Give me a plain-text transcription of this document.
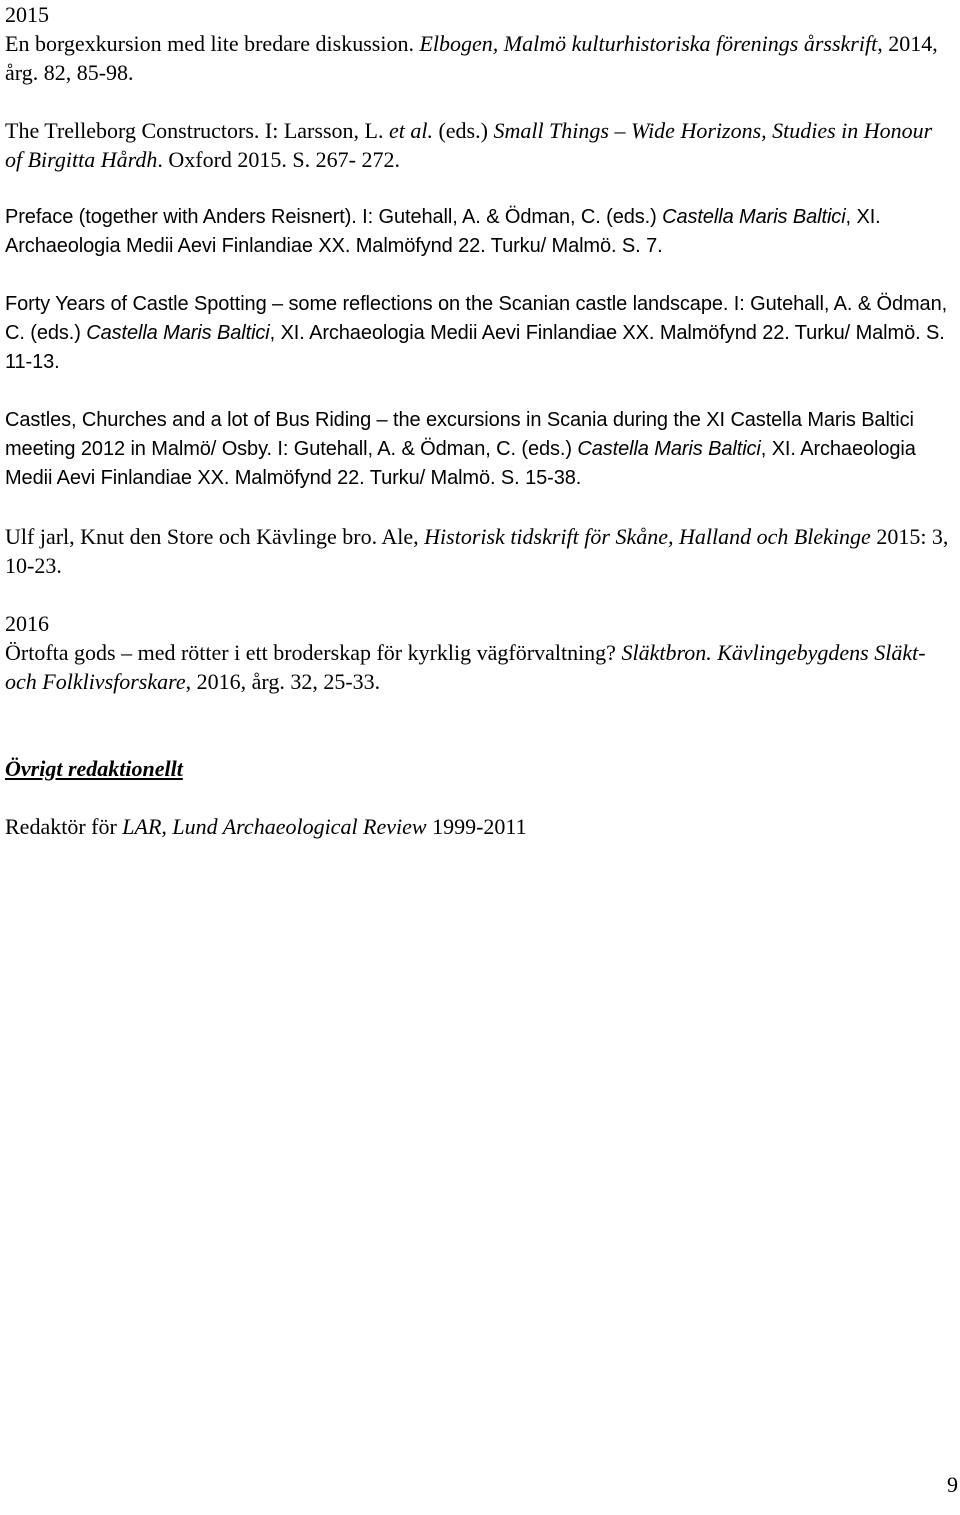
2015

En borgexkursion med lite bredare diskussion. Elbogen, Malmö kulturhistoriska förenings årsskrift, 2014, årg. 82, 85-98.

The Trelleborg Constructors. I: Larsson, L. et al. (eds.) Small Things – Wide Horizons, Studies in Honour of Birgitta Hårdh. Oxford 2015. S. 267- 272.

Preface (together with Anders Reisnert). I: Gutehall, A. & Ödman, C. (eds.) Castella Maris Baltici, XI. Archaeologia Medii Aevi Finlandiae XX. Malmöfynd 22. Turku/ Malmö. S. 7.

Forty Years of Castle Spotting – some reflections on the Scanian castle landscape. I: Gutehall, A. & Ödman, C. (eds.) Castella Maris Baltici, XI. Archaeologia Medii Aevi Finlandiae XX. Malmöfynd 22. Turku/ Malmö. S. 11-13.

Castles, Churches and a lot of Bus Riding – the excursions in Scania during the XI Castella Maris Baltici meeting 2012 in Malmö/ Osby. I: Gutehall, A. & Ödman, C. (eds.) Castella Maris Baltici, XI. Archaeologia Medii Aevi Finlandiae XX. Malmöfynd 22. Turku/ Malmö. S. 15-38.

Ulf jarl, Knut den Store och Kävlinge bro. Ale, Historisk tidskrift för Skåne, Halland och Blekinge 2015: 3, 10-23.

2016

Örtofta gods – med rötter i ett broderskap för kyrklig vägförvaltning? Släktbron. Kävlingebygdens Släkt- och Folklivsforskare, 2016, årg. 32, 25-33.

Övrigt redaktionellt

Redaktör för LAR, Lund Archaeological Review 1999-2011

9
